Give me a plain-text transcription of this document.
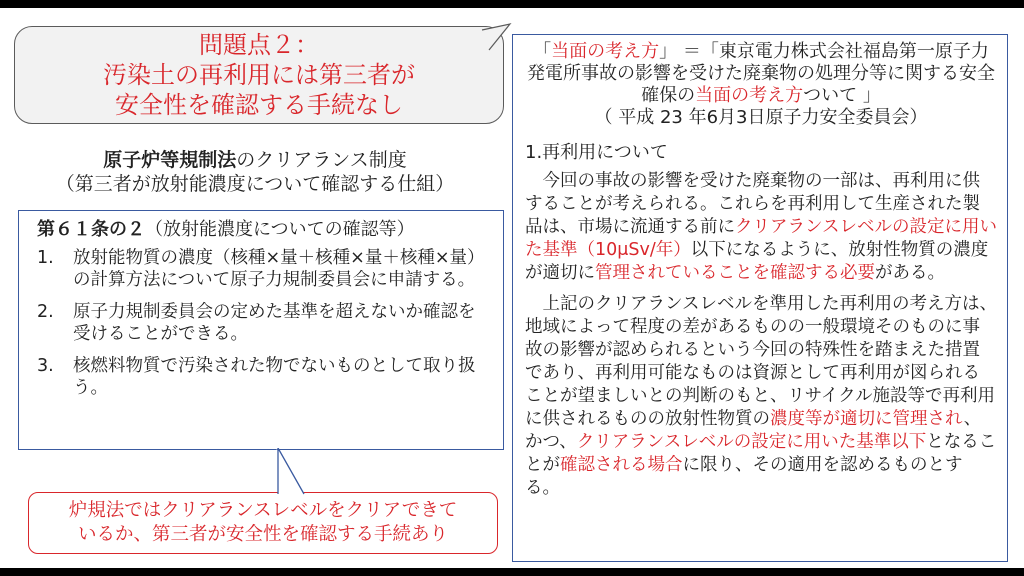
問題点２：
汚染土の再利用には第三者が
安全性を確認する手続なし
原子炉等規制法のクリアランス制度
（第三者が放射能濃度について確認する仕組）
第６１条の２（放射能濃度についての確認等）
1.	放射能物質の濃度（核種×量＋核種×量＋核種×量）の計算方法について原子力規制委員会に申請する。
2.	原子力規制委員会の定めた基準を超えないか確認を受けることができる。
3.	核燃料物質で汚染された物でないものとして取り扱う。
炉規法ではクリアランスレベルをクリアできて
いるか、第三者が安全性を確認する手続あり
「当面の考え方」 ＝「東京電力株式会社福島第一原子力発電所事故の影響を受けた廃棄物の処理分等に関する安全確保の当面の考え方ついて 」
（ 平成 23 年6月3日原子力安全委員会）
1.再利用について

今回の事故の影響を受けた廃棄物の一部は、再利用に供することが考えられる。これらを再利用して生産された製品は、市場に流通する前にクリアランスレベルの設定に用いた基準（10μSv/年）以下になるように、放射性物質の濃度が適切に管理されていることを確認する必要がある。

上記のクリアランスレベルを準用した再利用の考え方は、地域によって程度の差があるものの一般環境そのものに事故の影響が認められるという今回の特殊性を踏まえた措置であり、再利用可能なものは資源として再利用が図られることが望ましいとの判断のもと、リサイクル施設等で再利用に供されるものの放射性物質の濃度等が適切に管理され、かつ、クリアランスレベルの設定に用いた基準以下となることが確認される場合に限り、その適用を認めるものとする。
